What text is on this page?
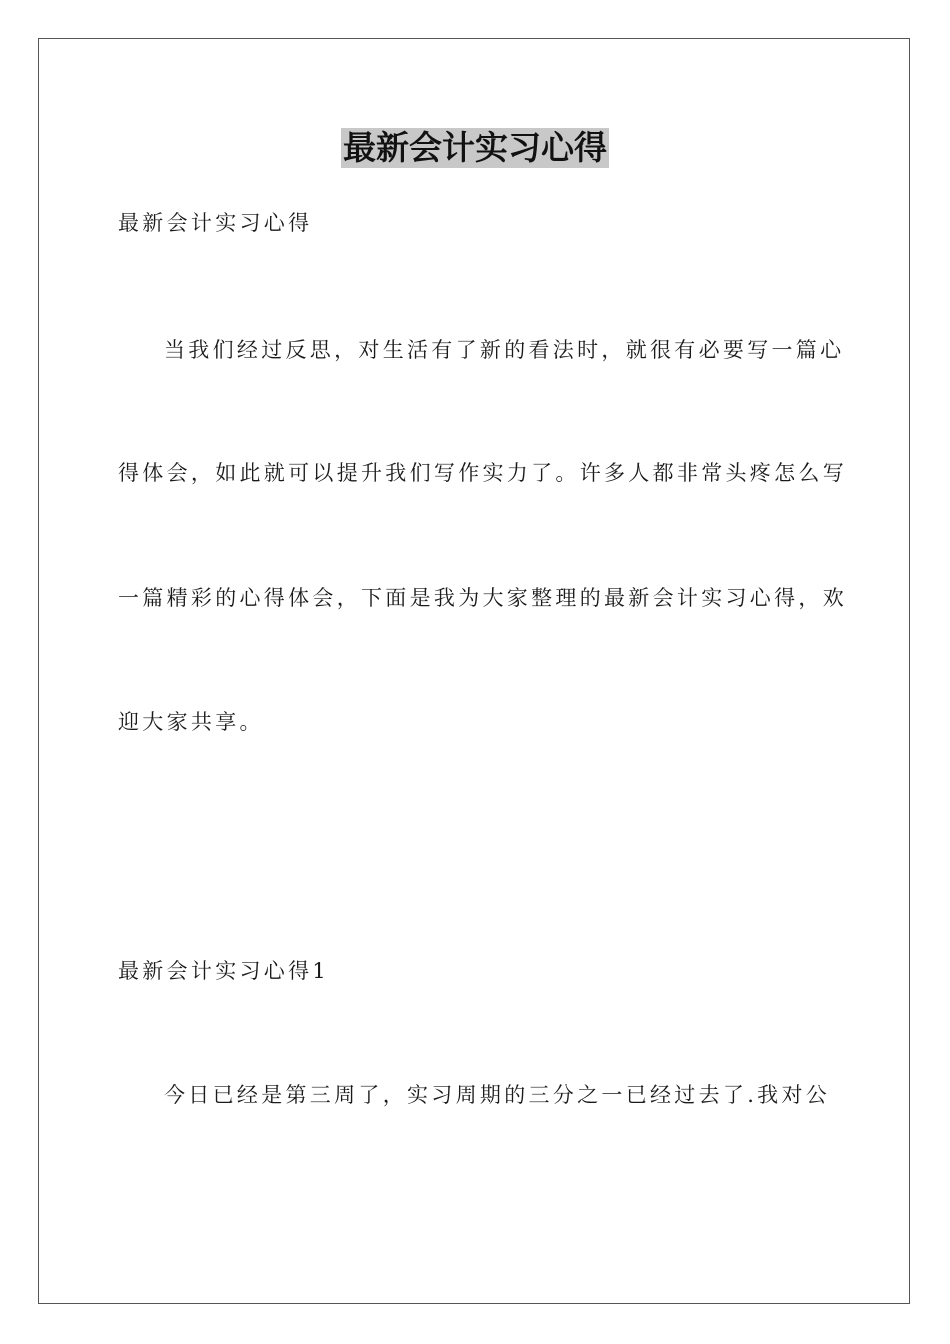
最新会计实习心得
最新会计实习心得
当我们经过反思，对生活有了新的看法时，就很有必要写一篇心
得体会，如此就可以提升我们写作实力了。许多人都非常头疼怎么写
一篇精彩的心得体会，下面是我为大家整理的最新会计实习心得，欢
迎大家共享。
最新会计实习心得1
今日已经是第三周了，实习周期的三分之一已经过去了.我对公
